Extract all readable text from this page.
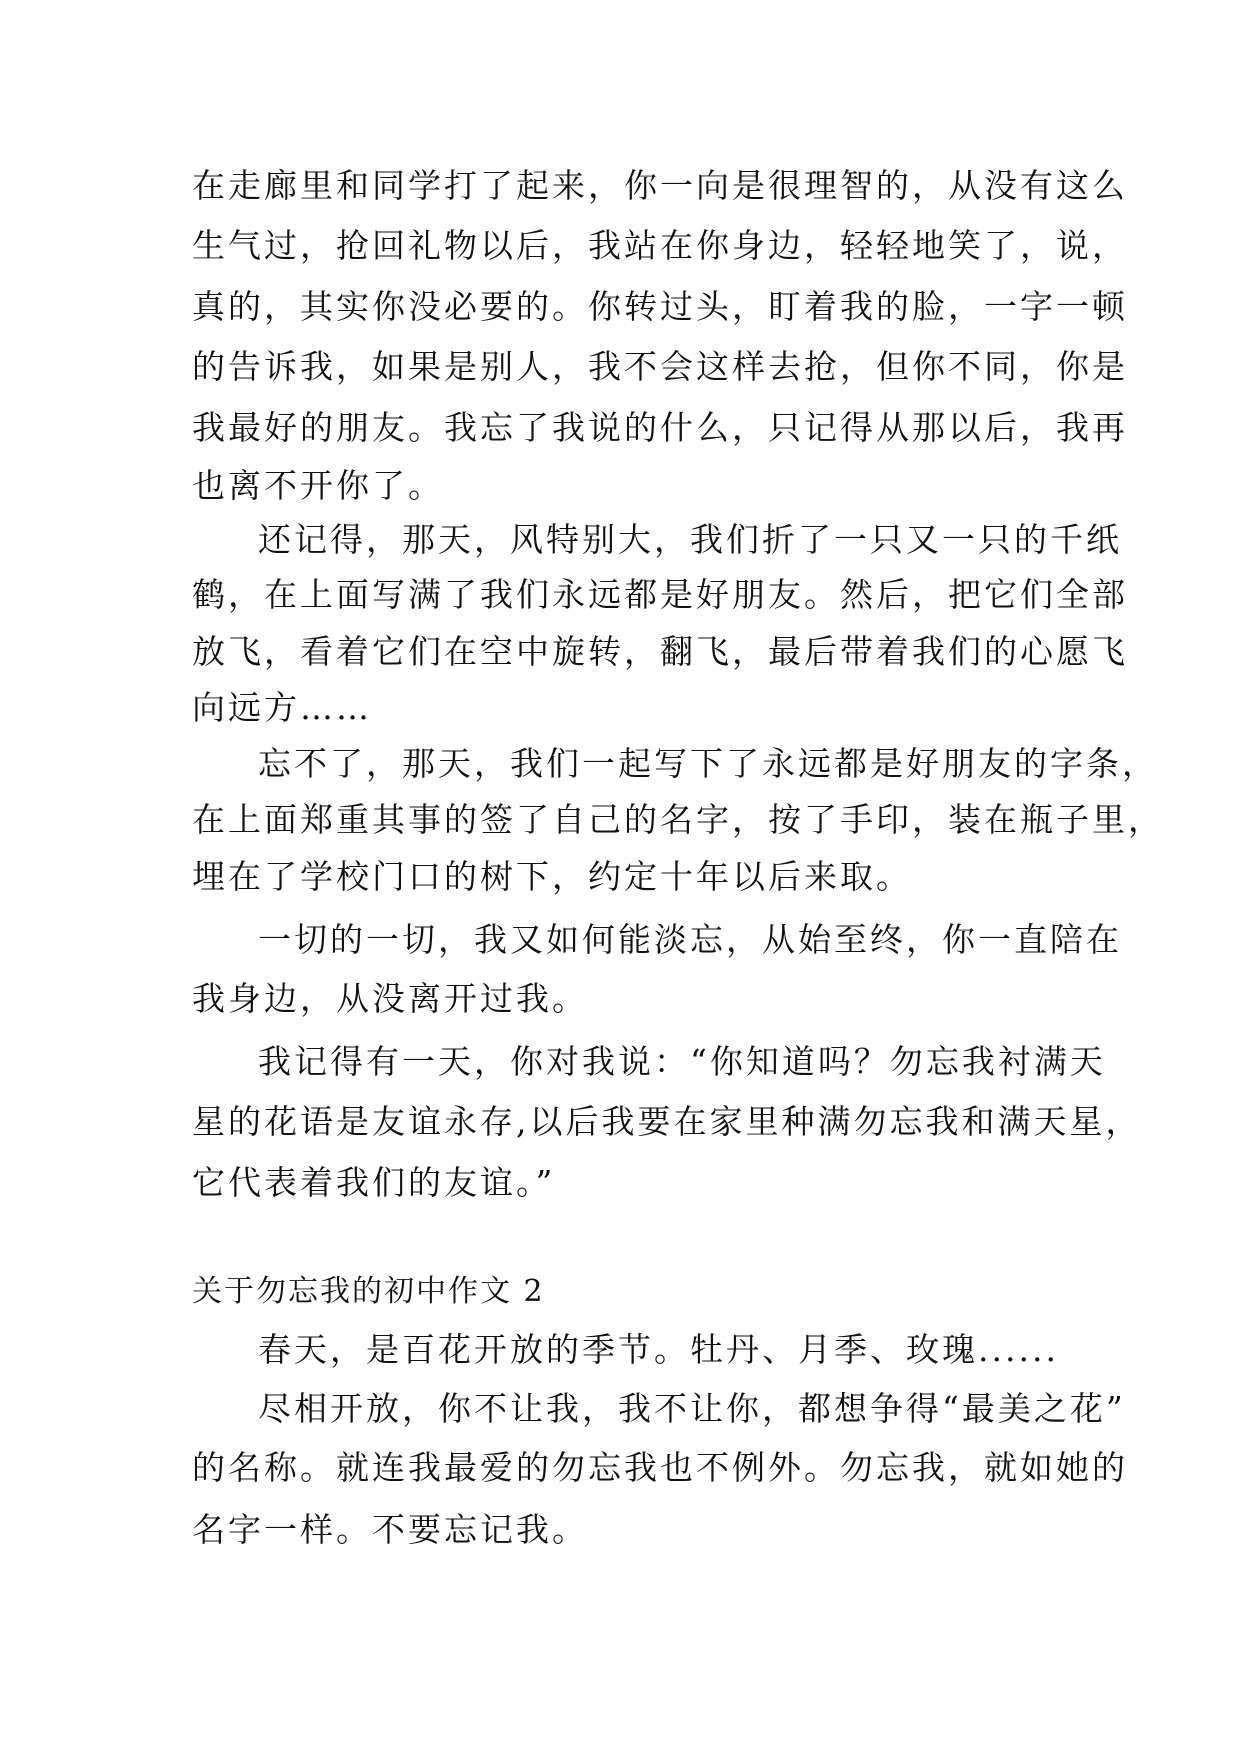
在走廊里和同学打了起来，你一向是很理智的，从没有这么
生气过，抢回礼物以后，我站在你身边，轻轻地笑了，说，
真的，其实你没必要的。你转过头，盯着我的脸，一字一顿
的告诉我，如果是别人，我不会这样去抢，但你不同，你是
我最好的朋友。我忘了我说的什么，只记得从那以后，我再
也离不开你了。
还记得，那天，风特别大，我们折了一只又一只的千纸
鹤，在上面写满了我们永远都是好朋友。然后，把它们全部
放飞，看着它们在空中旋转，翻飞，最后带着我们的心愿飞
向远方……
忘不了，那天，我们一起写下了永远都是好朋友的字条，
在上面郑重其事的签了自己的名字，按了手印，装在瓶子里，
埋在了学校门口的树下，约定十年以后来取。
一切的一切，我又如何能淡忘，从始至终，你一直陪在
我身边，从没离开过我。
我记得有一天，你对我说：“你知道吗？勿忘我衬满天
星的花语是友谊永存,以后我要在家里种满勿忘我和满天星，
它代表着我们的友谊。”
关于勿忘我的初中作文 2
春天，是百花开放的季节。牡丹、月季、玫瑰......
尽相开放，你不让我，我不让你，都想争得“最美之花”
的名称。就连我最爱的勿忘我也不例外。勿忘我，就如她的
名字一样。不要忘记我。
